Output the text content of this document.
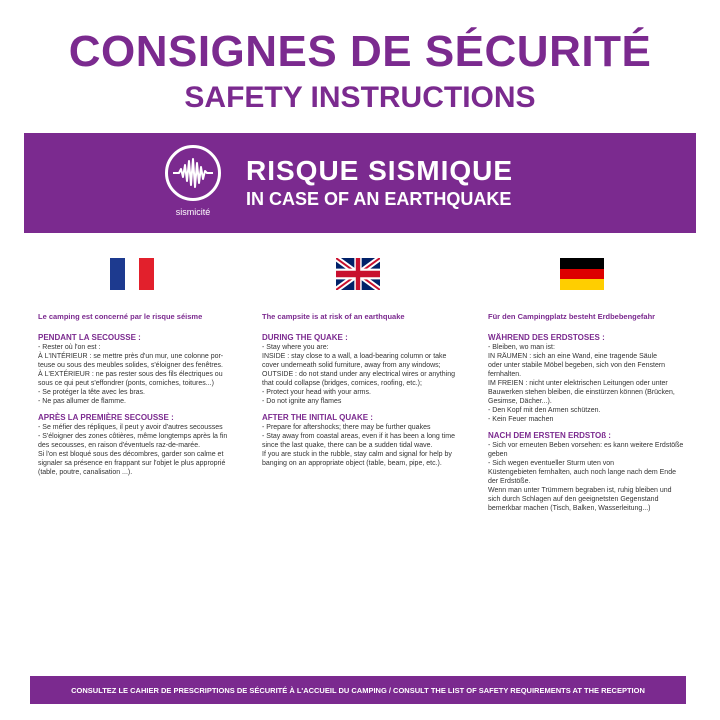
CONSIGNES DE SÉCURITÉ
SAFETY INSTRUCTIONS
sismicité
RISQUE SISMIQUE
IN CASE OF AN EARTHQUAKE
Le camping est concerné par le risque séisme
PENDANT LA SECOUSSE :
- Rester où l'on est :
À L'INTÉRIEUR : se mettre près d'un mur, une colonne por-
teuse ou sous des meubles solides, s'éloigner des fenêtres.
À L'EXTÉRIEUR : ne pas rester sous des fils électriques ou
sous ce qui peut s'effondrer (ponts, corniches, toitures...)
- Se protéger la tête avec les bras.
- Ne pas allumer de flamme.
APRÈS LA PREMIÈRE SECOUSSE :
- Se méfier des répliques, il peut y avoir d'autres secousses
- S'éloigner des zones côtières, même longtemps après la fin
des secousses, en raison d'éventuels raz-de-marée.
Si l'on est bloqué sous des décombres, garder son calme et
signaler sa présence en frappant sur l'objet le plus approprié
(table, poutre, canalisation ...).
The campsite is at risk of an earthquake
DURING THE QUAKE :
- Stay where you are:
INSIDE : stay close to a wall, a load-bearing column or take
cover underneath solid furniture, away from any windows;
OUTSIDE : do not stand under any electrical wires or anything
that could collapse (bridges, cornices, roofing, etc.);
- Protect your head with your arms.
- Do not ignite any flames
AFTER THE INITIAL QUAKE :
- Prepare for aftershocks; there may be further quakes
- Stay away from coastal areas, even if it has been a long time
since the last quake, there can be a sudden tidal wave.
If you are stuck in the rubble, stay calm and signal for help by
banging on an appropriate object (table, beam, pipe, etc.).
Für den Campingplatz besteht Erdbebengefahr
WÄHREND DES ERDSTOSES :
- Bleiben, wo man ist:
IN RÄUMEN : sich an eine Wand, eine tragende Säule
oder unter stabile Möbel begeben, sich von den Fenstern
fernhalten.
IM FREIEN : nicht unter elektrischen Leitungen oder unter
Bauwerken stehen bleiben, die einstürzen können (Brücken,
Gesimse, Dächer...).
- Den Kopf mit den Armen schützen.
- Kein Feuer machen
NACH DEM ERSTEN ERDSTOß :
- Sich vor erneuten Beben vorsehen: es kann weitere Erdstöße
geben
- Sich wegen eventueller Sturm uten von
Küstengebieten fernhalten, auch noch lange nach dem Ende
der Erdstöße.
Wenn man unter Trümmern begraben ist, ruhig bleiben und
sich durch Schlagen auf den geeignetsten Gegenstand
bemerkbar machen (Tisch, Balken, Wasserleitung...)
CONSULTEZ LE CAHIER DE PRESCRIPTIONS DE SÉCURITÉ À L'ACCUEIL DU CAMPING / CONSULT THE LIST OF SAFETY REQUIREMENTS AT THE RECEPTION
